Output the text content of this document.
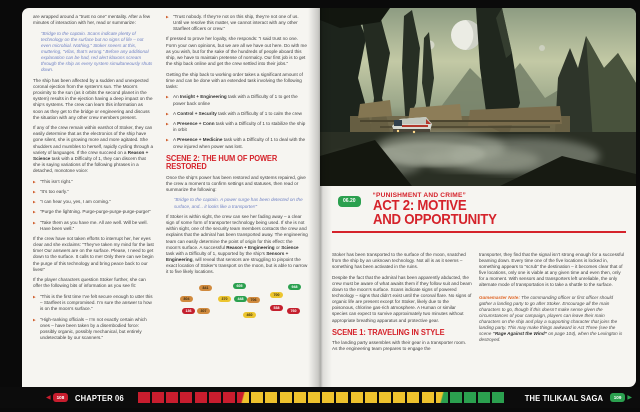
are wrapped around a “trust no one” mentality. After a few minutes of interaction with her, read or summarize:

“Bridge to the captain. Scans indicate plenty of technology on the surface but no signs of life – not even microbial. Nothing.” Stoker sneers at this, muttering, “Vilas, that’s wrong.” Before any additional explanation can be had, red alert klaxons scream through the ship as every system simultaneously shuts down.

The ship has been affected by a sudden and unexpected coronal ejection from the system’s sun. The Moon’s proximity to the sun (as it orbits the second planet in the system) results in the ejection having a deep impact on the ship’s systems. The crew can learn this information as soon as they get to the bridge or engineering and discuss the situation with any other crew members present.

If any of the crew remain within earshot of Stoker, they can easily determine that as the electronics of the ship have gone silent, she is growing more and more agitated. She shudders and mumbles to herself, rapidly cycling through a variety of languages. If the crew succeed on a Reason + Science task with a Difficulty of 1, they can discern that she is saying variations of the following phrases in a detached, monotone voice:

▶ “This isn’t right.”
▶ “It’s too early.”
▶ “I can hear you, yes, I am coming.”
▶ “Purge the lightning. Purge-purge-purge-purge-purge!”
▶ “Take them as you have me. All are well. Will be well. Have been well.”

If the crew have not taken efforts to interrupt her, her eyes clear and she exclaims: “They’ve taken my mind for the last time! Our answers are on the surface. Please, I need to get down to the surface. It calls to me! Only there can we begin the purge of this technology and bring peace back to our lives!”

If the player characters question Stoker further, she can offer the following bits of information as you see fit:

▶ “This is the first time I’ve felt secure enough to utter this – Starfleet is compromised. I’m sure the answer to how is on the moon’s surface.”
▶ “High-ranking officials – I’m not exactly certain which ones – have been taken by a disembodied force: possibly organic, possibly mechanical, but entirely undetectable by our scanners.”
▶ “Trust nobody. If they’re not on this ship, they’re not one of us. Until we resolve this matter, we cannot interact with any other Starfleet officers or crew.”

If pressed to prove her loyalty, she responds: “I said trust no one. Form your own opinions, but we are all we have out here. Do with me as you wish, but for the sake of the hundreds of people aboard this ship, we have to maintain pretense of normalcy. Our first job is to get the ship back online and get the crew settled into their jobs.”

Getting the ship back to working order takes a significant amount of time and can be done with an extended task involving the following tasks:

▶ An Insight + Engineering task with a Difficulty of 1 to get the power back online
▶ A Control + Security task with a Difficulty of 1 to calm the crew
▶ A Presence + Conn task with a Difficulty of 1 to stabilize the ship in orbit
▶ A Presence + Medicine task with a Difficulty of 1 to deal with the crew injured when power was lost.
SCENE 2: THE HUM OF POWER RESTORED

Once the ship’s power has been restored and systems repaired, give the crew a moment to confirm settings and statuses, then read or summarize the following:

“Bridge to the captain. A power surge has been detected on the surface, and... it looks like a transporter!”

If Stoker is within sight, the crew can see her fading away – a clear sign of some form of transporter technology being used. If she is not within sight, one of the security team members contacts the crew and explains that the admiral has been transported away. The engineering team can easily determine the point of origin for this effect: the moon’s surface. A successful Reason + Engineering or Science task with a Difficulty of 1, supported by the ship’s Sensors + Engineering, will reveal that sensors are struggling to pinpoint the exact location of Stoker’s transport on the moon, but is able to narrow it to five likely locations.

841	605	948
804	370	448	706
700
538
136	307
460
760
06.20
“PUNISHMENT AND CRIME”
ACT 2: MOTIVE
AND OPPORTUNITY

Stoker has been transported to the surface of the moon, snatched from the ship by an unknown technology. Not all is as it seems – something has been activated in the ruins.

Despite the fact that the admiral has been apparently abducted, the crew must be aware of what awaits them if they follow suit and beam down to the moon’s surface. Scans indicate signs of powered technology – signs that didn’t exist until the coronal flare. No signs of organic life are present except for Stoker, likely due to the poisonous, chlorine gas-rich atmosphere. A Human or similar species can expect to survive approximately two minutes without appropriate breathing apparatus and protective gear.

SCENE 1: TRAVELING IN STYLE

The landing party assembles with their gear in a transporter room. As the engineering team prepares to engage the

transporter, they find that the signal isn’t strong enough for a successful beaming down. Every time one of the five locations is locked in, something appears to “scrub” the destination – it becomes clear that of five locations, only one is viable at any given time and even then, only for a moment. With sensors and transporters left unreliable, the only alternate mode of transportation is to take a shuttle to the surface.

Gamemaster Note: The commanding officer or first officer should gather a landing party to go after Stoker. Encourage all the main characters to go, though if this doesn’t make sense given the circumstances of your campaign, players can leave their main characters on the ship and play a supporting character that joins the landing party. This may make things awkward in Act Three (see the scene “Rage Against the Wind” on page 104), when the Lexington is destroyed.

◀	108	CHAPTER 06	THE TILIKAAL SAGA	109	▶
